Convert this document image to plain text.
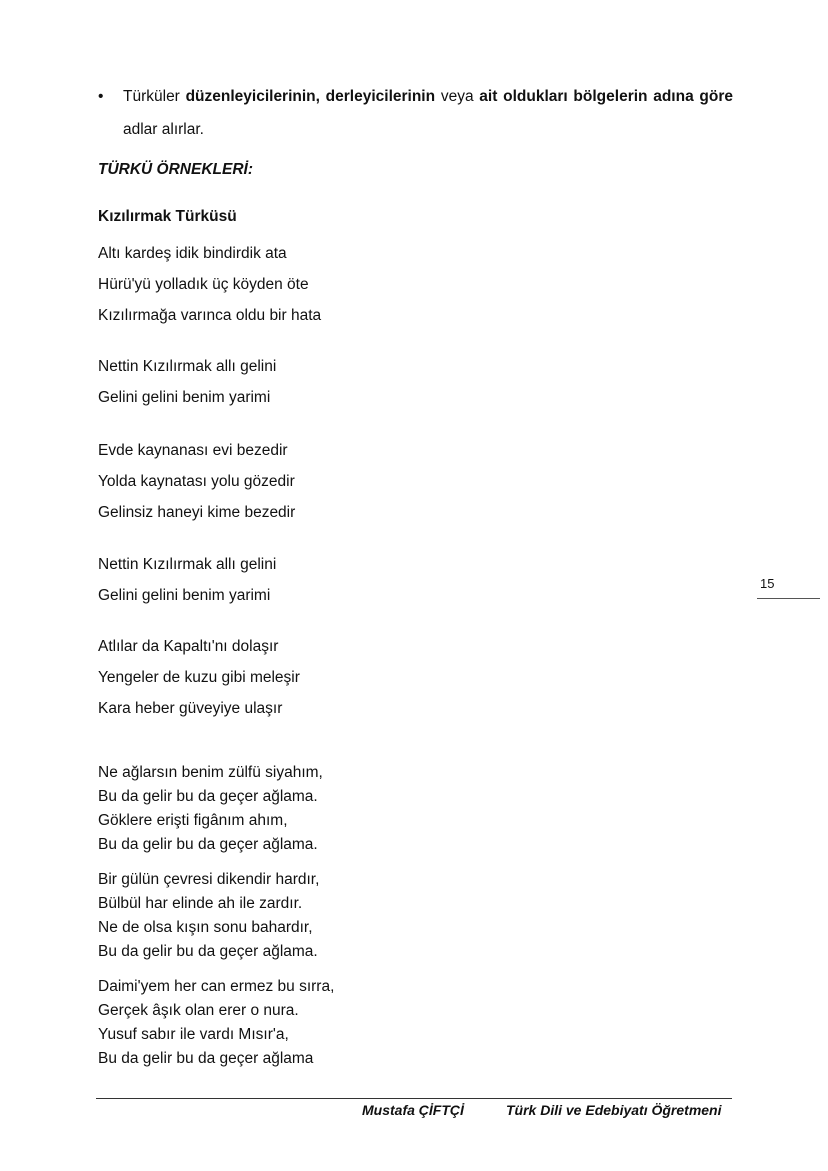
• Türküler düzenleyicilerinin, derleyicilerinin veya ait oldukları bölgelerin adına göre adlar alırlar.
TÜRKÜ ÖRNEKLERİ:
Kızılırmak Türküsü
Altı kardeş idik bindirdik ata
Hürü'yü yolladık üç köyden öte
Kızılırmağa varınca oldu bir hata
Nettin Kızılırmak allı gelini
Gelini gelini benim yarimi
Evde kaynanası evi bezedir
Yolda kaynatası yolu gözedir
Gelinsiz haneyi kime bezedir
Nettin Kızılırmak allı gelini
Gelini gelini benim yarimi
Atlılar da Kapaltı'nı dolaşır
Yengeler de kuzu gibi meleşir
Kara heber güveyiye ulaşır
Ne ağlarsın benim zülfü siyahım,
Bu da gelir bu da geçer ağlama.
Göklere erişti figânım ahım,
Bu da gelir bu da geçer ağlama.
Bir gülün çevresi dikendir hardır,
Bülbül har elinde ah ile zardır.
Ne de olsa kışın sonu bahardır,
Bu da gelir bu da geçer ağlama.
Daimi'yem her can ermez bu sırra,
Gerçek âşık olan erer o nura.
Yusuf sabır ile vardı Mısır'a,
Bu da gelir bu da geçer ağlama
15
Mustafa ÇİFTÇİ	Türk Dili ve Edebiyatı Öğretmeni
